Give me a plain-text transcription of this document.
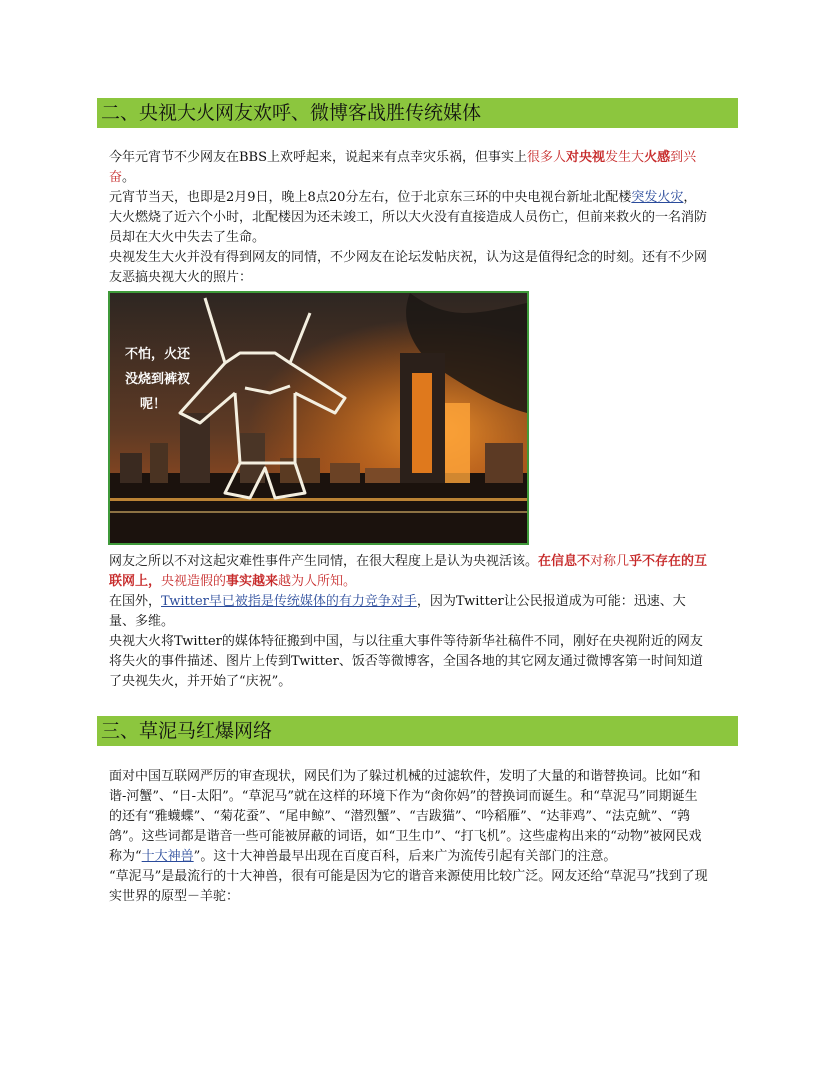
二、央视大火网友欢呼、微博客战胜传统媒体

今年元宵节不少网友在BBS上欢呼起来，说起来有点幸灾乐祸，但事实上很多人对央视发生大火感到兴奋。

元宵节当天，也即是2月9日，晚上8点20分左右，位于北京东三环的中央电视台新址北配楼突发火灾，大火燃烧了近六个小时，北配楼因为还未竣工，所以大火没有直接造成人员伤亡，但前来救火的一名消防员却在大火中失去了生命。

央视发生大火并没有得到网友的同情，不少网友在论坛发帖庆祝，认为这是值得纪念的时刻。还有不少网友恶搞央视大火的照片：

不怕，火还
没烧到裤衩
呢！

网友之所以不对这起灾难性事件产生同情，在很大程度上是认为央视活该。在信息不对称几乎不存在的互联网上，央视造假的事实越来越为人所知。

在国外，Twitter早已被指是传统媒体的有力竞争对手，因为Twitter让公民报道成为可能：迅速、大量、多维。

央视大火将Twitter的媒体特征搬到中国，与以往重大事件等待新华社稿件不同，刚好在央视附近的网友将失火的事件描述、图片上传到Twitter、饭否等微博客，全国各地的其它网友通过微博客第一时间知道了央视失火，并开始了“庆祝”。

三、草泥马红爆网络

面对中国互联网严厉的审查现状，网民们为了躲过机械的过滤软件，发明了大量的和谐替换词。比如“和谐-河蟹”、“日-太阳”。“草泥马”就在这样的环境下作为“肏你妈”的替换词而诞生。和“草泥马”同期诞生的还有“雅蠛蝶”、“菊花蚕”、“尾申鲸”、“潜烈蟹”、“吉跋猫”、“吟稻雁”、“达菲鸡”、“法克鱿”、“鹑鸽”。这些词都是谐音一些可能被屏蔽的词语，如“卫生巾”、“打飞机”。这些虚构出来的“动物”被网民戏称为“十大神兽”。这十大神兽最早出现在百度百科，后来广为流传引起有关部门的注意。

“草泥马”是最流行的十大神兽，很有可能是因为它的谐音来源使用比较广泛。网友还给“草泥马”找到了现实世界的原型－羊驼：
